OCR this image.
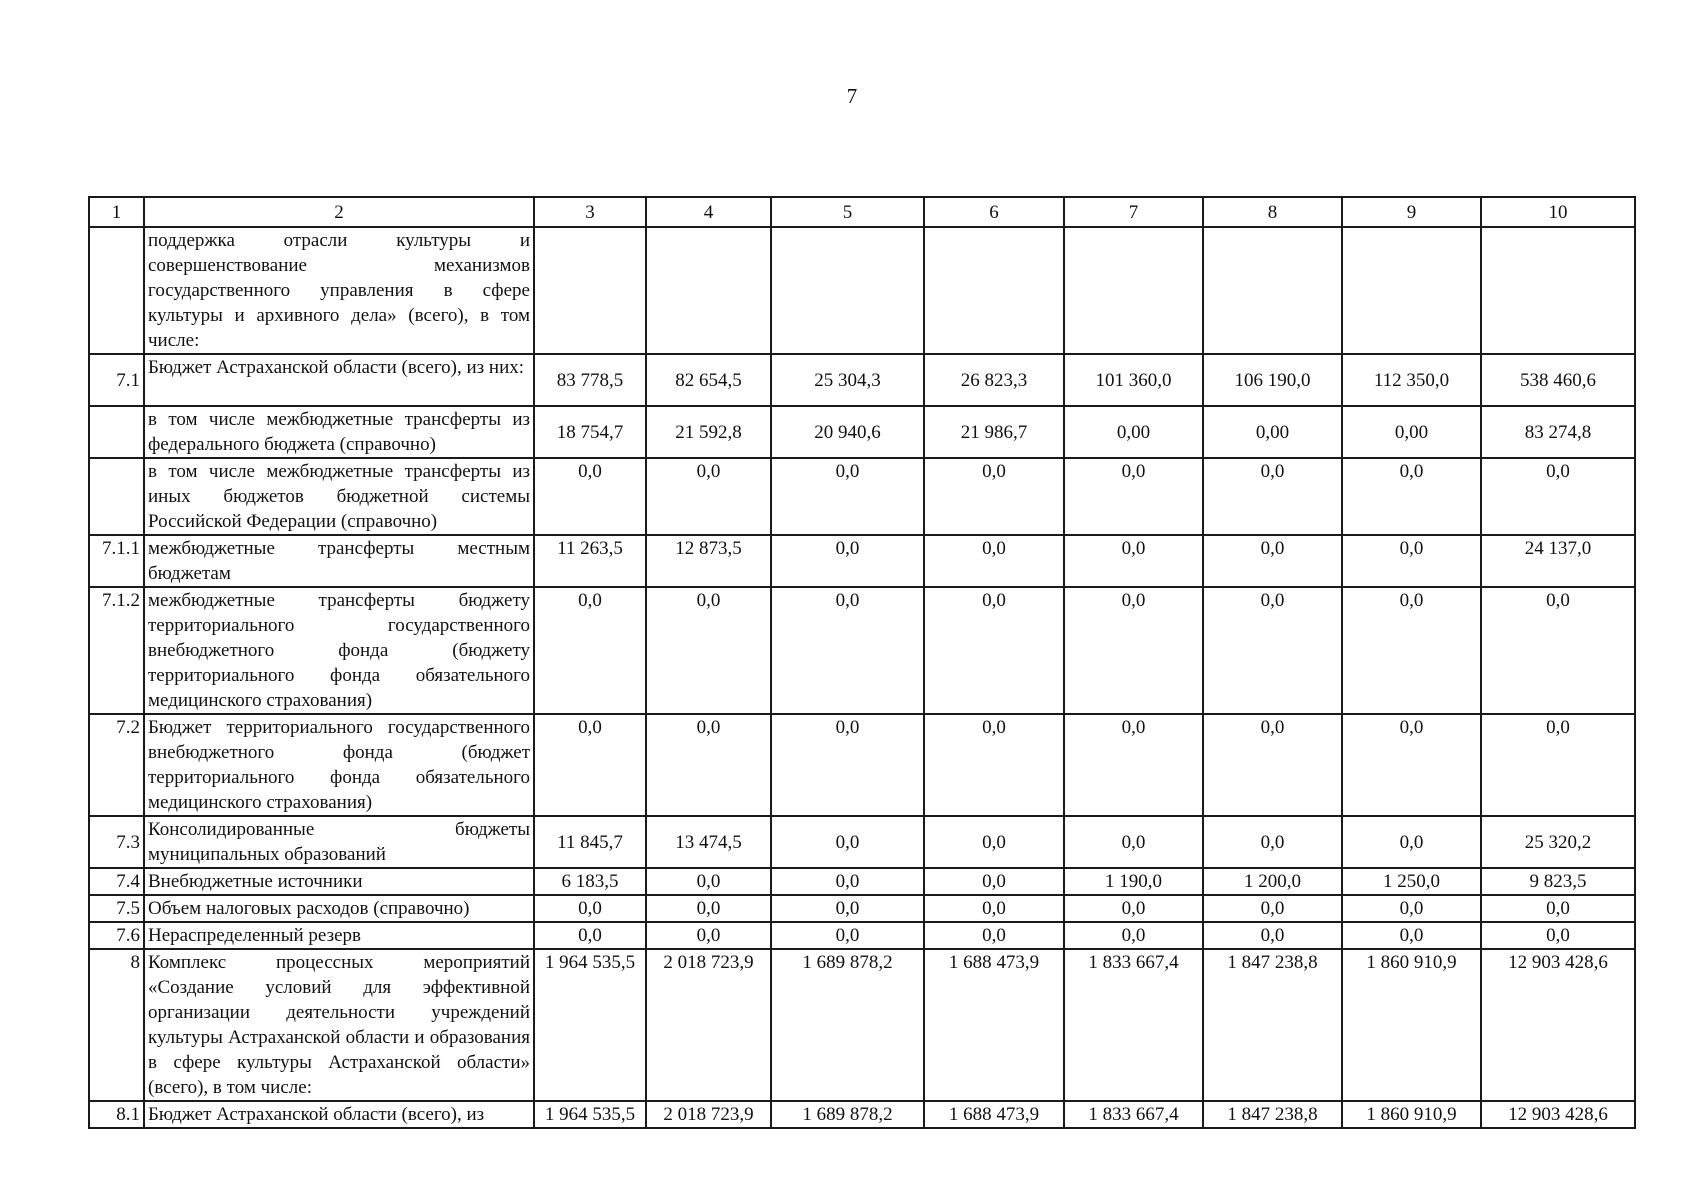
7
1	2	3	4	5	6	7	8	9	10
	поддержка отрасли культуры и совершенствование механизмов государственного управления в сфере культуры и архивного дела» (всего), в том числе:								
7.1	Бюджет Астраханской области (всего), из них:	83 778,5	82 654,5	25 304,3	26 823,3	101 360,0	106 190,0	112 350,0	538 460,6
	в том числе межбюджетные трансферты из федерального бюджета (справочно)	18 754,7	21 592,8	20 940,6	21 986,7	0,00	0,00	0,00	83 274,8
	в том числе межбюджетные трансферты из иных бюджетов бюджетной системы Российской Федерации (справочно)	0,0	0,0	0,0	0,0	0,0	0,0	0,0	0,0
7.1.1	межбюджетные трансферты местным бюджетам	11 263,5	12 873,5	0,0	0,0	0,0	0,0	0,0	24 137,0
7.1.2	межбюджетные трансферты бюджету территориального государственного внебюджетного фонда (бюджету территориального фонда обязательного медицинского страхования)	0,0	0,0	0,0	0,0	0,0	0,0	0,0	0,0
7.2	Бюджет территориального государственного внебюджетного фонда (бюджет территориального фонда обязательного медицинского страхования)	0,0	0,0	0,0	0,0	0,0	0,0	0,0	0,0
7.3	Консолидированные бюджеты муниципальных образований	11 845,7	13 474,5	0,0	0,0	0,0	0,0	0,0	25 320,2
7.4	Внебюджетные источники	6 183,5	0,0	0,0	0,0	1 190,0	1 200,0	1 250,0	9 823,5
7.5	Объем налоговых расходов (справочно)	0,0	0,0	0,0	0,0	0,0	0,0	0,0	0,0
7.6	Нераспределенный резерв	0,0	0,0	0,0	0,0	0,0	0,0	0,0	0,0
8	Комплекс процессных мероприятий «Создание условий для эффективной организации деятельности учреждений культуры Астраханской области и образования в сфере культуры Астраханской области» (всего), в том числе:	1 964 535,5	2 018 723,9	1 689 878,2	1 688 473,9	1 833 667,4	1 847 238,8	1 860 910,9	12 903 428,6
8.1	Бюджет Астраханской области (всего), из	1 964 535,5	2 018 723,9	1 689 878,2	1 688 473,9	1 833 667,4	1 847 238,8	1 860 910,9	12 903 428,6
